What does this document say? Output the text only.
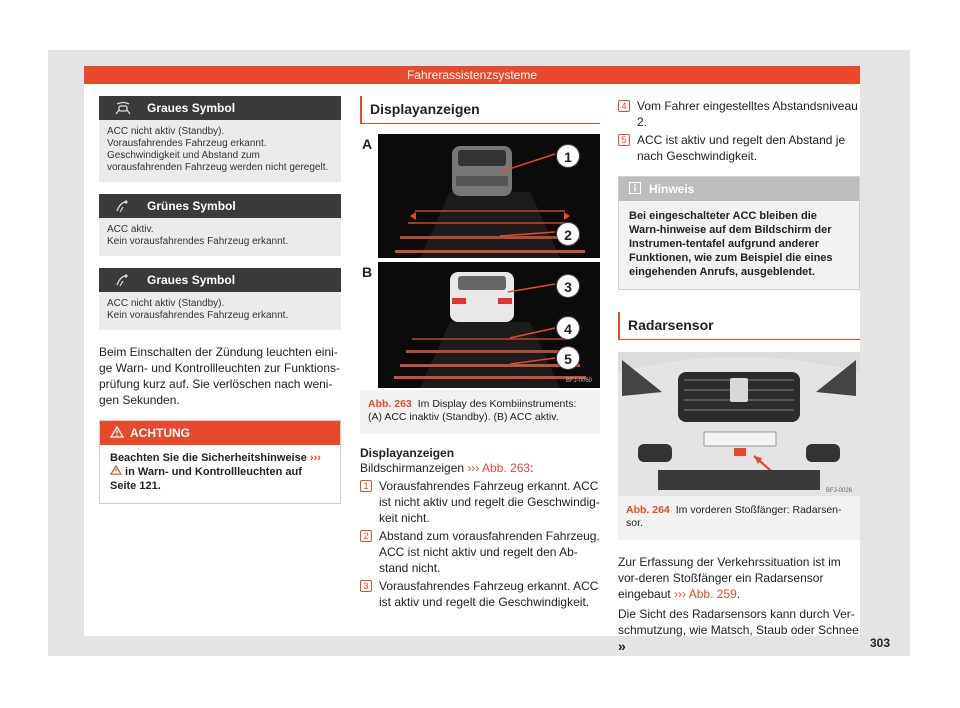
Fahrerassistenzsysteme
Graues Symbol
ACC nicht aktiv (Standby).
Vorausfahrendes Fahrzeug erkannt. Geschwindigkeit und Abstand zum vorausfahrenden Fahrzeug werden nicht geregelt.
Grünes Symbol
ACC aktiv.
Kein vorausfahrendes Fahrzeug erkannt.
Graues Symbol
ACC nicht aktiv (Standby).
Kein vorausfahrendes Fahrzeug erkannt.
Beim Einschalten der Zündung leuchten eini-ge Warn- und Kontrollleuchten zur Funktions-prüfung kurz auf. Sie verlöschen nach weni-gen Sekunden.
ACHTUNG
Beachten Sie die Sicherheitshinweise ›››  in Warn- und Kontrollleuchten auf Seite 121.
Displayanzeigen
A
B
1
2
3
4
5
BFJ-0060
Abb. 263 Im Display des Kombiinstruments: (A) ACC inaktiv (Standby). (B) ACC aktiv.
Displayanzeigen
Bildschirmanzeigen ››› Abb. 263:
1 Vorausfahrendes Fahrzeug erkannt. ACC ist nicht aktiv und regelt die Geschwindig-keit nicht.
2 Abstand zum vorausfahrenden Fahrzeug. ACC ist nicht aktiv und regelt den Ab-stand nicht.
3 Vorausfahrendes Fahrzeug erkannt. ACC ist aktiv und regelt die Geschwindigkeit.
4 Vom Fahrer eingestelltes Abstandsniveau 2.
5 ACC ist aktiv und regelt den Abstand je nach Geschwindigkeit.
Hinweis
Bei eingeschalteter ACC bleiben die Warn-hinweise auf dem Bildschirm der Instrumen-tentafel aufgrund anderer Funktionen, wie zum Beispiel die eines eingehenden Anrufs, ausgeblendet.
Radarsensor
BFJ-0026
Abb. 264 Im vorderen Stoßfänger: Radarsen-sor.
Zur Erfassung der Verkehrssituation ist im vor-deren Stoßfänger ein Radarsensor eingebaut ››› Abb. 259.
Die Sicht des Radarsensors kann durch Ver-schmutzung, wie Matsch, Staub oder Schnee »	303
